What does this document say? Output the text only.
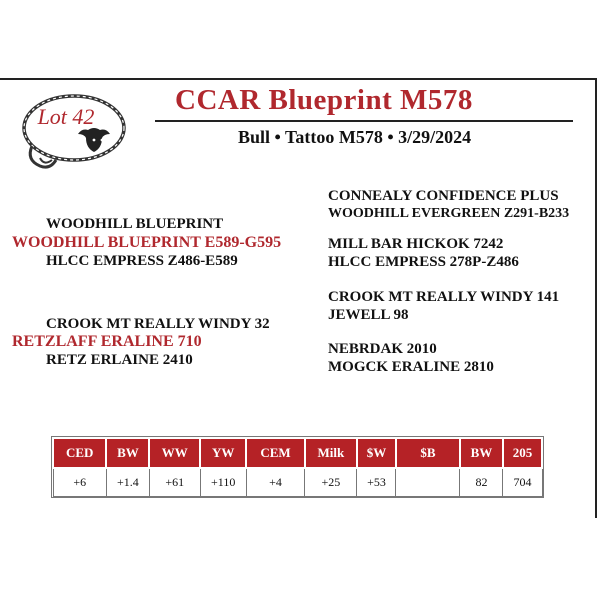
Lot 42
CCAR Blueprint M578
Bull • Tattoo M578 • 3/29/2024
WOODHILL BLUEPRINT
WOODHILL BLUEPRINT E589-G595
HLCC EMPRESS Z486-E589
CROOK MT REALLY WINDY 32
RETZLAFF ERALINE 710
RETZ ERLAINE 2410
CONNEALY CONFIDENCE PLUS
WOODHILL EVERGREEN Z291-B233
MILL BAR HICKOK 7242
HLCC EMPRESS 278P-Z486
CROOK MT REALLY WINDY 141
JEWELL 98
NEBRDAK 2010
MOGCK ERALINE 2810
CED	BW	WW	YW	CEM	Milk	$W	$B	BW	205
+6	+1.4	+61	+110	+4	+25	+53		82	704
